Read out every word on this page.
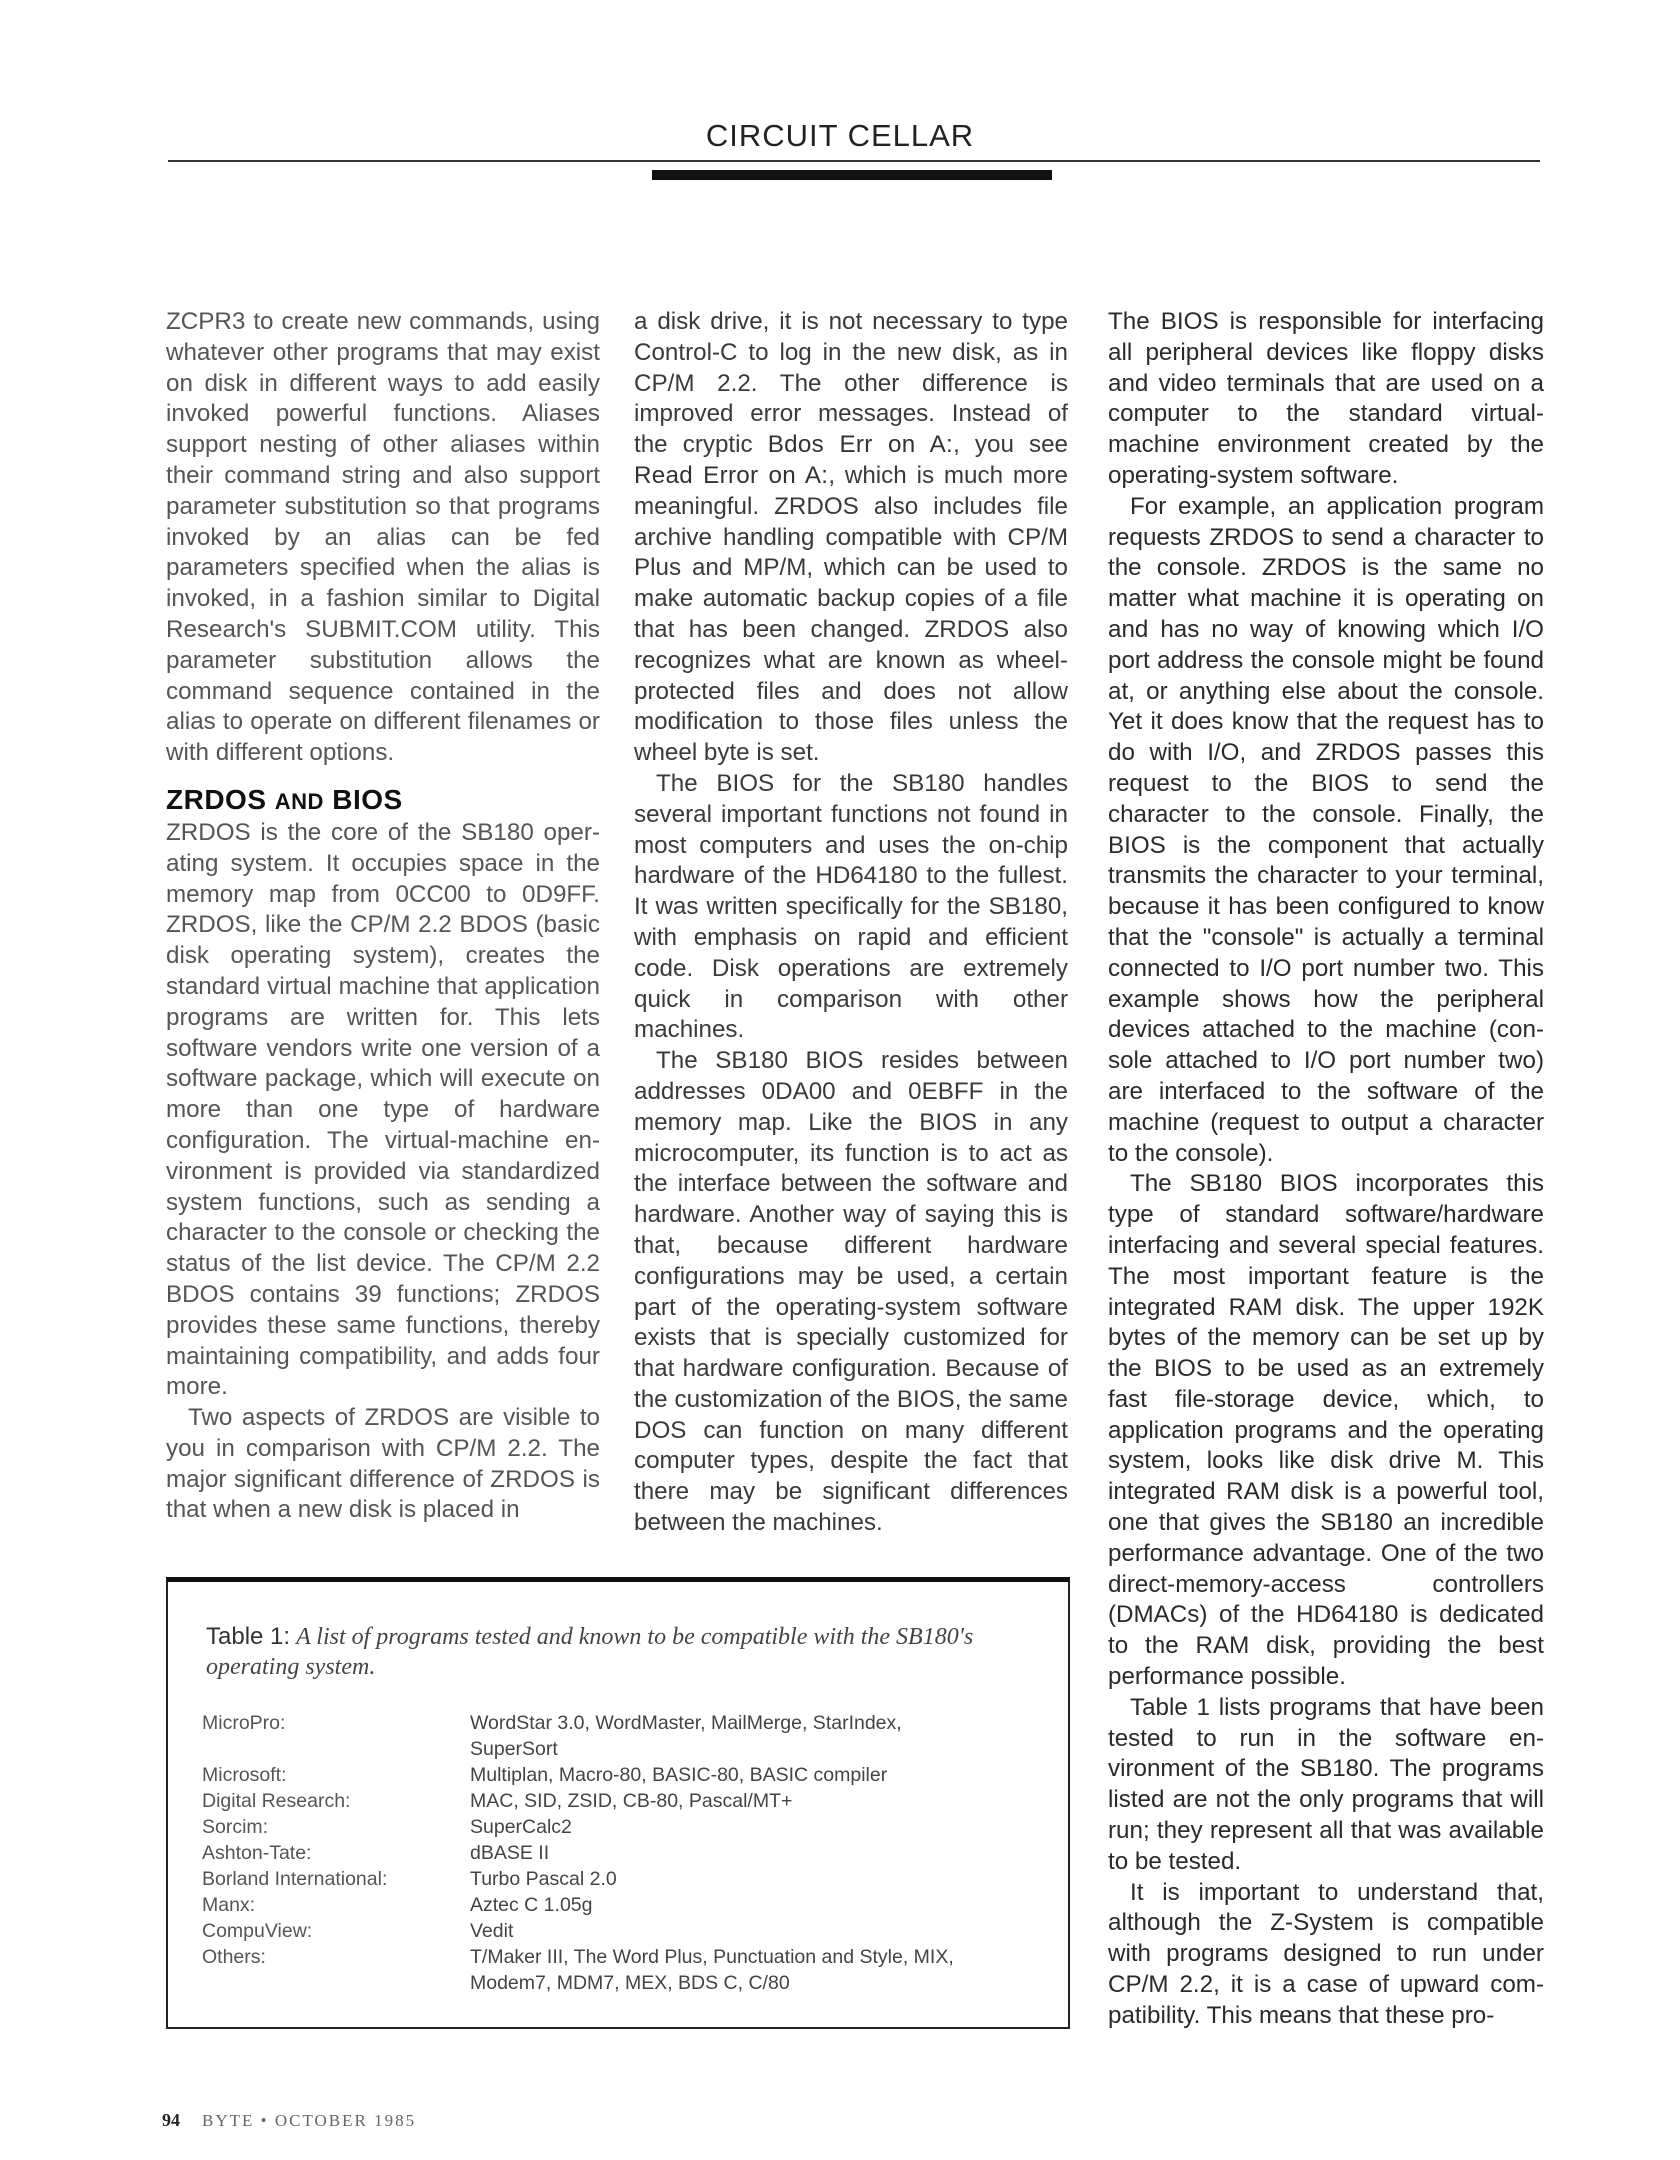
CIRCUIT CELLAR

ZCPR3 to create new commands, using whatever other programs that may exist on disk in different ways to add easily invoked powerful functions. Aliases support nesting of other aliases within their command string and also support parameter substitution so that programs invoked by an alias can be fed parameters specified when the alias is invoked, in a fashion similar to Digital Research's SUBMIT.COM utility. This parameter substitution allows the command sequence contained in the alias to operate on different filenames or with different options.

ZRDOS AND BIOS

ZRDOS is the core of the SB180 operating system. It occupies space in the memory map from 0CC00 to 0D9FF. ZRDOS, like the CP/M 2.2 BDOS (basic disk operating system), creates the standard virtual machine that application programs are written for. This lets software vendors write one version of a software package, which will execute on more than one type of hardware configuration. The virtual-machine environment is provided via standardized system functions, such as sending a character to the console or checking the status of the list device. The CP/M 2.2 BDOS contains 39 functions; ZRDOS provides these same functions, thereby maintaining compatibility, and adds four more.

Two aspects of ZRDOS are visible to you in comparison with CP/M 2.2. The major significant difference of ZRDOS is that when a new disk is placed in

a disk drive, it is not necessary to type Control-C to log in the new disk, as in CP/M 2.2. The other difference is improved error messages. Instead of the cryptic Bdos Err on A:, you see Read Error on A:, which is much more meaningful. ZRDOS also includes file archive handling compatible with CP/M Plus and MP/M, which can be used to make automatic backup copies of a file that has been changed. ZRDOS also recognizes what are known as wheel-protected files and does not allow modification to those files unless the wheel byte is set.

The BIOS for the SB180 handles several important functions not found in most computers and uses the on-chip hardware of the HD64180 to the fullest. It was written specifically for the SB180, with emphasis on rapid and efficient code. Disk operations are extremely quick in comparison with other machines.

The SB180 BIOS resides between addresses 0DA00 and 0EBFF in the memory map. Like the BIOS in any microcomputer, its function is to act as the interface between the software and hardware. Another way of saying this is that, because different hardware configurations may be used, a certain part of the operating-system software exists that is specially customized for that hardware configuration. Because of the customization of the BIOS, the same DOS can function on many different computer types, despite the fact that there may be significant differences between the machines.

The BIOS is responsible for interfacing all peripheral devices like floppy disks and video terminals that are used on a computer to the standard virtual-machine environment created by the operating-system software.

For example, an application program requests ZRDOS to send a character to the console. ZRDOS is the same no matter what machine it is operating on and has no way of knowing which I/O port address the console might be found at, or anything else about the console. Yet it does know that the request has to do with I/O, and ZRDOS passes this request to the BIOS to send the character to the console. Finally, the BIOS is the component that actually transmits the character to your terminal, because it has been configured to know that the "console" is actually a terminal connected to I/O port number two. This example shows how the peripheral devices attached to the machine (console attached to I/O port number two) are interfaced to the software of the machine (request to output a character to the console).

The SB180 BIOS incorporates this type of standard software/hardware interfacing and several special features. The most important feature is the integrated RAM disk. The upper 192K bytes of the memory can be set up by the BIOS to be used as an extremely fast file-storage device, which, to application programs and the operating system, looks like disk drive M. This integrated RAM disk is a powerful tool, one that gives the SB180 an incredible performance advantage. One of the two direct-memory-access controllers (DMACs) of the HD64180 is dedicated to the RAM disk, providing the best performance possible.

Table 1 lists programs that have been tested to run in the software environment of the SB180. The programs listed are not the only programs that will run; they represent all that was available to be tested.

It is important to understand that, although the Z-System is compatible with programs designed to run under CP/M 2.2, it is a case of upward compatibility. This means that these pro-

Table 1: A list of programs tested and known to be compatible with the SB180's operating system.
MicroPro:	WordStar 3.0, WordMaster, MailMerge, StarIndex,
SuperSort
Microsoft:	Multiplan, Macro-80, BASIC-80, BASIC compiler
Digital Research:	MAC, SID, ZSID, CB-80, Pascal/MT+
Sorcim:	SuperCalc2
Ashton-Tate:	dBASE II
Borland International:	Turbo Pascal 2.0
Manx:	Aztec C 1.05g
CompuView:	Vedit
Others:	T/Maker III, The Word Plus, Punctuation and Style, MIX,
Modem7, MDM7, MEX, BDS C, C/80
94 BYTE • OCTOBER 1985
